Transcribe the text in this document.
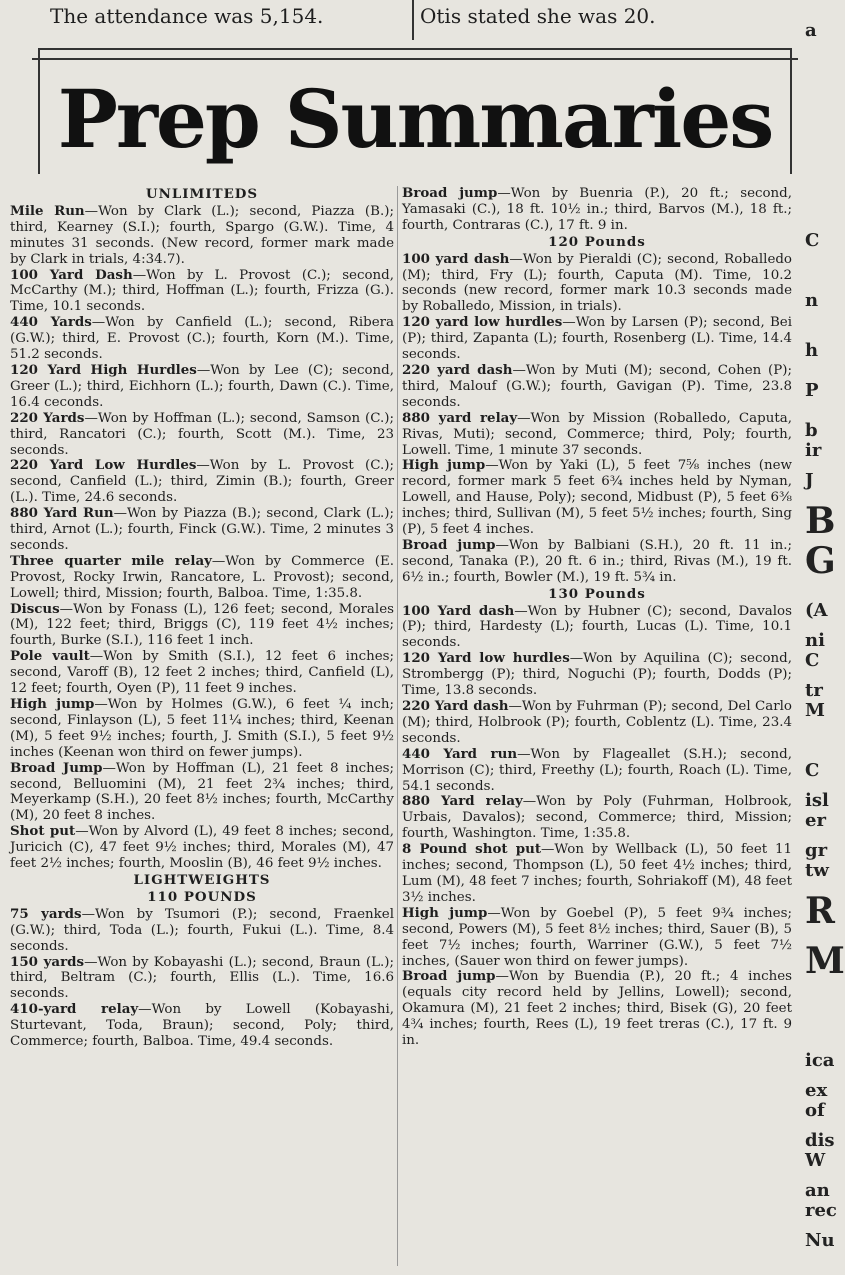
The attendance was 5,154.	Otis stated she was 20.
a
C
n
h
P
b
ir
J
B
G
(A
ni
C
tr
M
C
isl
er
gr
tw
R
M
ica
ex
of
dis
W
an
rec
Nu
Prep Summaries

UNLIMITEDS

Mile Run—Won by Clark (L.); second, Piazza (B.); third, Kearney (S.I.); fourth, Spargo (G.W.). Time, 4 minutes 31 seconds. (New record, former mark made by Clark in trials, 4:34.7).

100 Yard Dash—Won by L. Provost (C.); second, McCarthy (M.); third, Hoffman (L.); fourth, Frizza (G.). Time, 10.1 seconds.

440 Yards—Won by Canfield (L.); second, Ribera (G.W.); third, E. Provost (C.); fourth, Korn (M.). Time, 51.2 seconds.

120 Yard High Hurdles—Won by Lee (C); second, Greer (L.); third, Eichhorn (L.); fourth, Dawn (C.). Time, 16.4 ceconds.

220 Yards—Won by Hoffman (L.); second, Samson (C.); third, Rancatori (C.); fourth, Scott (M.). Time, 23 seconds.

220 Yard Low Hurdles—Won by L. Provost (C.); second, Canfield (L.); third, Zimin (B.); fourth, Greer (L.). Time, 24.6 seconds.

880 Yard Run—Won by Piazza (B.); second, Clark (L.); third, Arnot (L.); fourth, Finck (G.W.). Time, 2 minutes 3 seconds.

Three quarter mile relay—Won by Commerce (E. Provost, Rocky Irwin, Rancatore, L. Provost); second, Lowell; third, Mission; fourth, Balboa. Time, 1:35.8.

Discus—Won by Fonass (L), 126 feet; second, Morales (M), 122 feet; third, Briggs (C), 119 feet 4½ inches; fourth, Burke (S.I.), 116 feet 1 inch.

Pole vault—Won by Smith (S.I.), 12 feet 6 inches; second, Varoff (B), 12 feet 2 inches; third, Canfield (L), 12 feet; fourth, Oyen (P), 11 feet 9 inches.

High jump—Won by Holmes (G.W.), 6 feet ¼ inch; second, Finlayson (L), 5 feet 11¼ inches; third, Keenan (M), 5 feet 9½ inches; fourth, J. Smith (S.I.), 5 feet 9½ inches (Keenan won third on fewer jumps).

Broad Jump—Won by Hoffman (L), 21 feet 8 inches; second, Belluomini (M), 21 feet 2¾ inches; third, Meyerkamp (S.H.), 20 feet 8½ inches; fourth, McCarthy (M), 20 feet 8 inches.

Shot put—Won by Alvord (L), 49 feet 8 inches; second, Juricich (C), 47 feet 9½ inches; third, Morales (M), 47 feet 2½ inches; fourth, Mooslin (B), 46 feet 9½ inches.

LIGHTWEIGHTS

110 POUNDS

75 yards—Won by Tsumori (P.); second, Fraenkel (G.W.); third, Toda (L.); fourth, Fukui (L.). Time, 8.4 seconds.

150 yards—Won by Kobayashi (L.); second, Braun (L.); third, Beltram (C.); fourth, Ellis (L.). Time, 16.6 seconds.

410-yard relay—Won by Lowell (Kobayashi, Sturtevant, Toda, Braun); second, Poly; third, Commerce; fourth, Balboa. Time, 49.4 seconds.

Broad jump—Won by Buenria (P.), 20 ft.; second, Yamasaki (C.), 18 ft. 10½ in.; third, Barvos (M.), 18 ft.; fourth, Contraras (C.), 17 ft. 9 in.

120 Pounds

100 yard dash—Won by Pieraldi (C); second, Roballedo (M); third, Fry (L); fourth, Caputa (M). Time, 10.2 seconds (new record, former mark 10.3 seconds made by Roballedo, Mission, in trials).

120 yard low hurdles—Won by Larsen (P); second, Bei (P); third, Zapanta (L); fourth, Rosenberg (L). Time, 14.4 seconds.

220 yard dash—Won by Muti (M); second, Cohen (P); third, Malouf (G.W.); fourth, Gavigan (P). Time, 23.8 seconds.

880 yard relay—Won by Mission (Roballedo, Caputa, Rivas, Muti); second, Commerce; third, Poly; fourth, Lowell. Time, 1 minute 37 seconds.

High jump—Won by Yaki (L), 5 feet 7⅝ inches (new record, former mark 5 feet 6¾ inches held by Nyman, Lowell, and Hause, Poly); second, Midbust (P), 5 feet 6⅜ inches; third, Sullivan (M), 5 feet 5½ inches; fourth, Sing (P), 5 feet 4 inches.

Broad jump—Won by Balbiani (S.H.), 20 ft. 11 in.; second, Tanaka (P.), 20 ft. 6 in.; third, Rivas (M.), 19 ft. 6½ in.; fourth, Bowler (M.), 19 ft. 5¾ in.

130 Pounds

100 Yard dash—Won by Hubner (C); second, Davalos (P); third, Hardesty (L); fourth, Lucas (L). Time, 10.1 seconds.

120 Yard low hurdles—Won by Aquilina (C); second, Strombergg (P); third, Noguchi (P); fourth, Dodds (P); Time, 13.8 seconds.

220 Yard dash—Won by Fuhrman (P); second, Del Carlo (M); third, Holbrook (P); fourth, Coblentz (L). Time, 23.4 seconds.

440 Yard run—Won by Flageallet (S.H.); second, Morrison (C); third, Freethy (L); fourth, Roach (L). Time, 54.1 seconds.

880 Yard relay—Won by Poly (Fuhrman, Holbrook, Urbais, Davalos); second, Commerce; third, Mission; fourth, Washington. Time, 1:35.8.

8 Pound shot put—Won by Wellback (L), 50 feet 11 inches; second, Thompson (L), 50 feet 4½ inches; third, Lum (M), 48 feet 7 inches; fourth, Sohriakoff (M), 48 feet 3½ inches.

High jump—Won by Goebel (P), 5 feet 9¾ inches; second, Powers (M), 5 feet 8½ inches; third, Sauer (B), 5 feet 7½ inches; fourth, Warriner (G.W.), 5 feet 7½ inches, (Sauer won third on fewer jumps).

Broad jump—Won by Buendia (P.), 20 ft.; 4 inches (equals city record held by Jellins, Lowell); second, Okamura (M), 21 feet 2 inches; third, Bisek (G), 20 feet 4¾ inches; fourth, Rees (L), 19 feet treras (C.), 17 ft. 9 in.
